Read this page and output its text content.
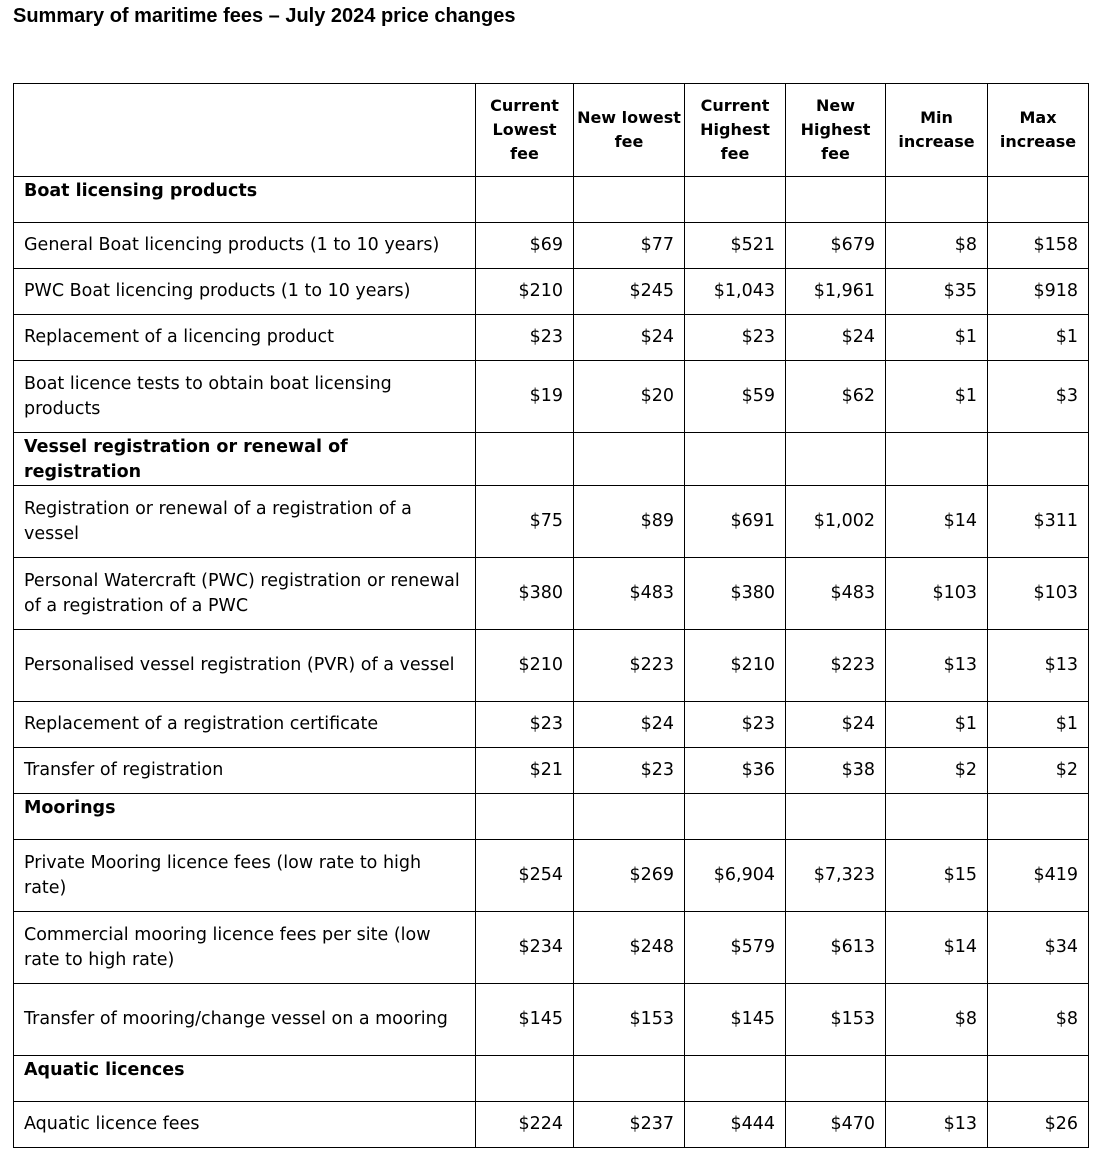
Summary of maritime fees – July 2024 price changes
	Current Lowest fee	New lowest fee	Current Highest fee	New Highest fee	Min increase	Max increase
Boat licensing products						
General Boat licencing products (1 to 10 years)	$69	$77	$521	$679	$8	$158
PWC Boat licencing products (1 to 10 years)	$210	$245	$1,043	$1,961	$35	$918
Replacement of a licencing product	$23	$24	$23	$24	$1	$1
Boat licence tests to obtain boat licensing products	$19	$20	$59	$62	$1	$3
Vessel registration or renewal of registration						
Registration or renewal of a registration of a vessel	$75	$89	$691	$1,002	$14	$311
Personal Watercraft (PWC) registration or renewal of a registration of a PWC	$380	$483	$380	$483	$103	$103
Personalised vessel registration (PVR) of a vessel	$210	$223	$210	$223	$13	$13
Replacement of a registration certificate	$23	$24	$23	$24	$1	$1
Transfer of registration	$21	$23	$36	$38	$2	$2
Moorings						
Private Mooring licence fees (low rate to high rate)	$254	$269	$6,904	$7,323	$15	$419
Commercial mooring licence fees per site (low rate to high rate)	$234	$248	$579	$613	$14	$34
Transfer of mooring/change vessel on a mooring	$145	$153	$145	$153	$8	$8
Aquatic licences						
Aquatic licence fees	$224	$237	$444	$470	$13	$26
